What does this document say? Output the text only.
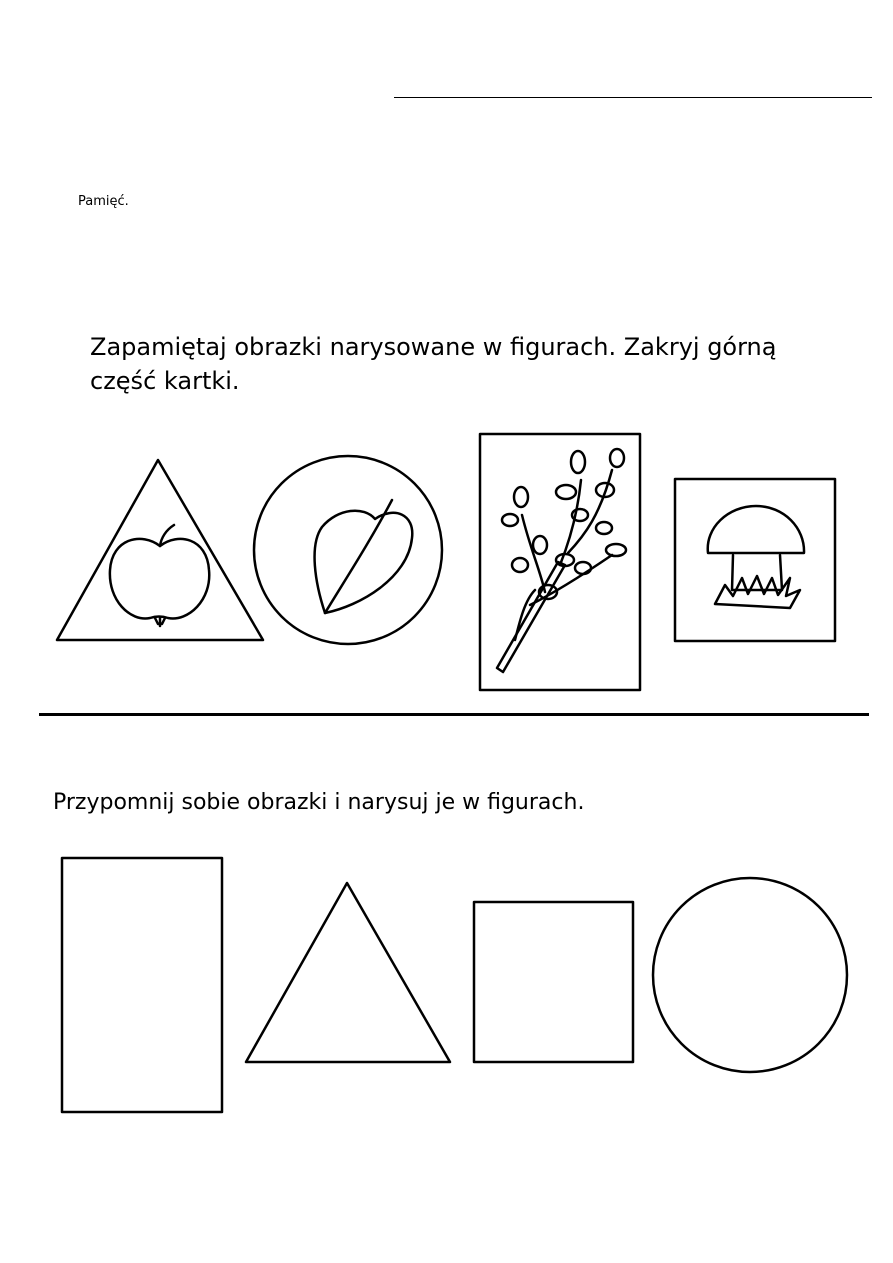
Pamięć.
Zapamiętaj obrazki narysowane w figurach. Zakryj górną część kartki.
Przypomnij sobie obrazki i narysuj je w figurach.
